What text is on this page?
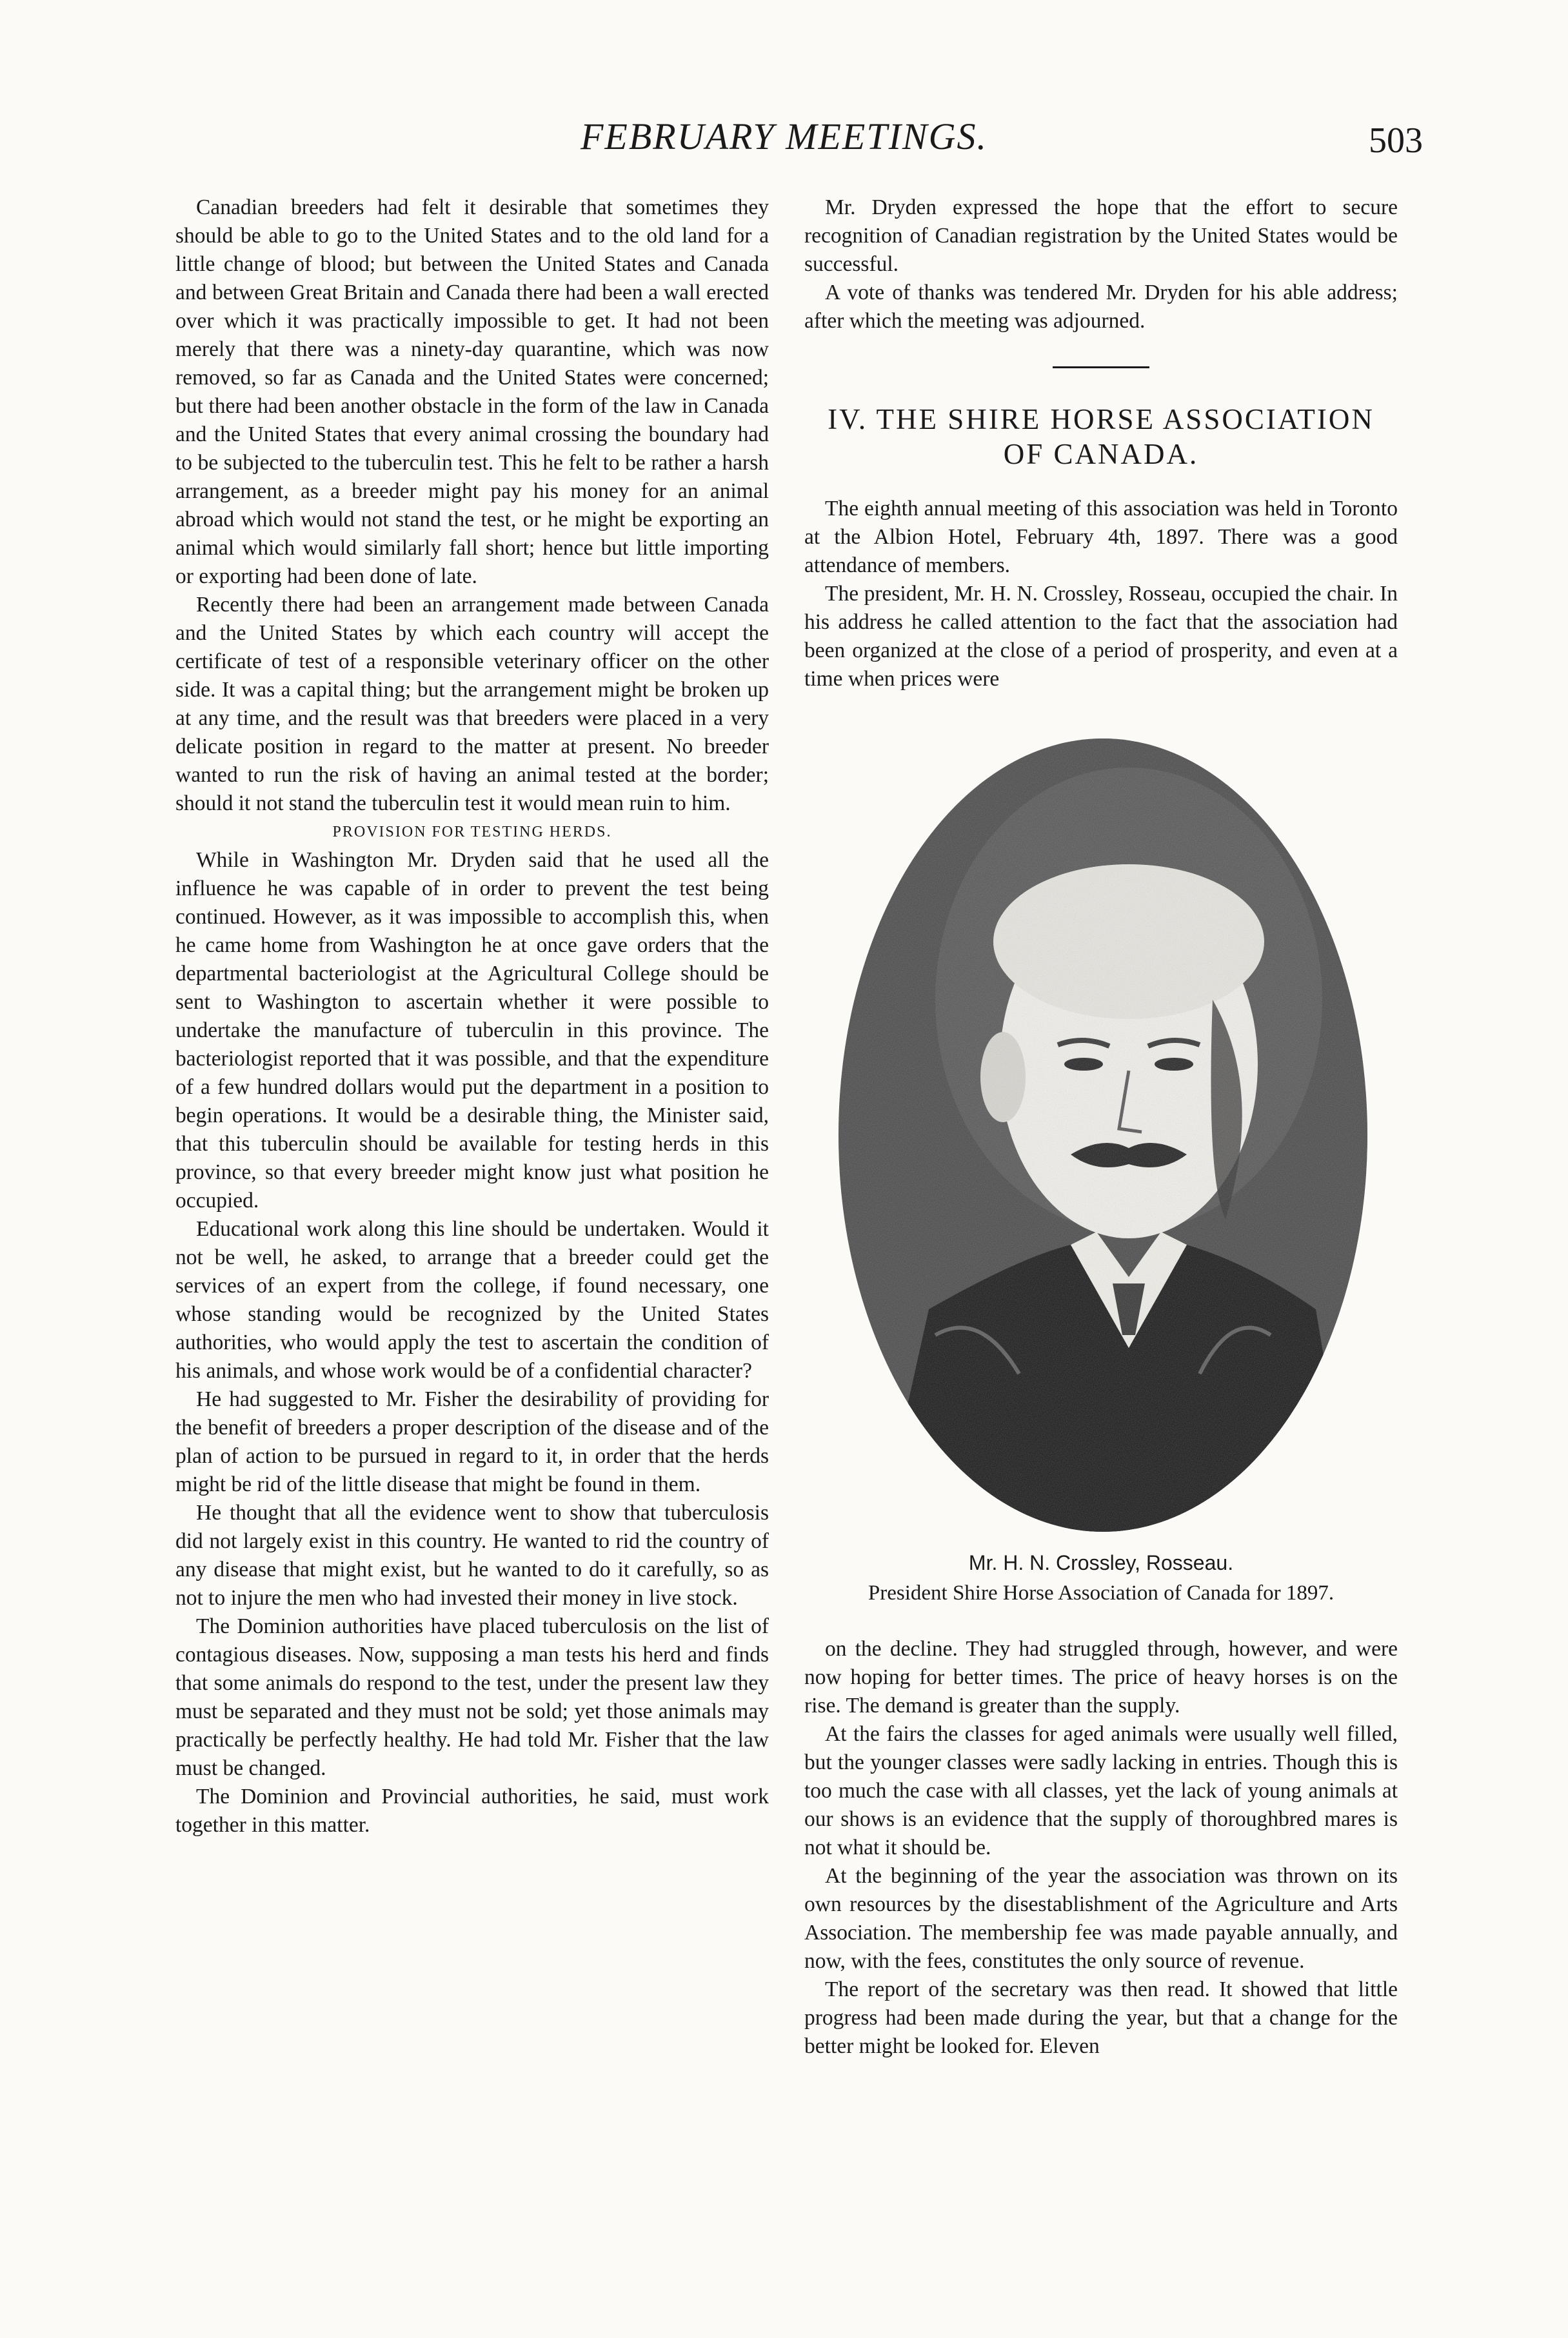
FEBRUARY MEETINGS.	503

Canadian breeders had felt it desirable that sometimes they should be able to go to the United States and to the old land for a little change of blood; but between the United States and Canada and between Great Britain and Canada there had been a wall erected over which it was practically impossible to get. It had not been merely that there was a ninety-day quarantine, which was now removed, so far as Canada and the United States were concerned; but there had been another obstacle in the form of the law in Canada and the United States that every animal crossing the boundary had to be subjected to the tuberculin test. This he felt to be rather a harsh arrangement, as a breeder might pay his money for an animal abroad which would not stand the test, or he might be exporting an animal which would similarly fall short; hence but little importing or exporting had been done of late.

Recently there had been an arrangement made between Canada and the United States by which each country will accept the certificate of test of a responsible veterinary officer on the other side. It was a capital thing; but the arrangement might be broken up at any time, and the result was that breeders were placed in a very delicate position in regard to the matter at present. No breeder wanted to run the risk of having an animal tested at the border; should it not stand the tuberculin test it would mean ruin to him.

PROVISION FOR TESTING HERDS.

While in Washington Mr. Dryden said that he used all the influence he was capable of in order to prevent the test being continued. However, as it was impossible to accomplish this, when he came home from Washington he at once gave orders that the departmental bacteriologist at the Agricultural College should be sent to Washington to ascertain whether it were possible to undertake the manufacture of tuberculin in this province. The bacteriologist reported that it was possible, and that the expenditure of a few hundred dollars would put the department in a position to begin operations. It would be a desirable thing, the Minister said, that this tuberculin should be available for testing herds in this province, so that every breeder might know just what position he occupied.

Educational work along this line should be undertaken. Would it not be well, he asked, to arrange that a breeder could get the services of an expert from the college, if found necessary, one whose standing would be recognized by the United States authorities, who would apply the test to ascertain the condition of his animals, and whose work would be of a confidential character?

He had suggested to Mr. Fisher the desirability of providing for the benefit of breeders a proper description of the disease and of the plan of action to be pursued in regard to it, in order that the herds might be rid of the little disease that might be found in them.

He thought that all the evidence went to show that tuberculosis did not largely exist in this country. He wanted to rid the country of any disease that might exist, but he wanted to do it carefully, so as not to injure the men who had invested their money in live stock.

The Dominion authorities have placed tuberculosis on the list of contagious diseases. Now, supposing a man tests his herd and finds that some animals do respond to the test, under the present law they must be separated and they must not be sold; yet those animals may practically be perfectly healthy. He had told Mr. Fisher that the law must be changed.

The Dominion and Provincial authorities, he said, must work together in this matter.

Mr. Dryden expressed the hope that the effort to secure recognition of Canadian registration by the United States would be successful.

A vote of thanks was tendered Mr. Dryden for his able address; after which the meeting was adjourned.

IV. THE SHIRE HORSE ASSOCIATION OF CANADA.

The eighth annual meeting of this association was held in Toronto at the Albion Hotel, February 4th, 1897. There was a good attendance of members.

The president, Mr. H. N. Crossley, Rosseau, occupied the chair. In his address he called attention to the fact that the association had been organized at the close of a period of prosperity, and even at a time when prices were

Mr. H. N. Crossley, Rosseau.
President Shire Horse Association of Canada for 1897.

on the decline. They had struggled through, however, and were now hoping for better times. The price of heavy horses is on the rise. The demand is greater than the supply.

At the fairs the classes for aged animals were usually well filled, but the younger classes were sadly lacking in entries. Though this is too much the case with all classes, yet the lack of young animals at our shows is an evidence that the supply of thoroughbred mares is not what it should be.

At the beginning of the year the association was thrown on its own resources by the disestablishment of the Agriculture and Arts Association. The membership fee was made payable annually, and now, with the fees, constitutes the only source of revenue.

The report of the secretary was then read. It showed that little progress had been made during the year, but that a change for the better might be looked for. Eleven
